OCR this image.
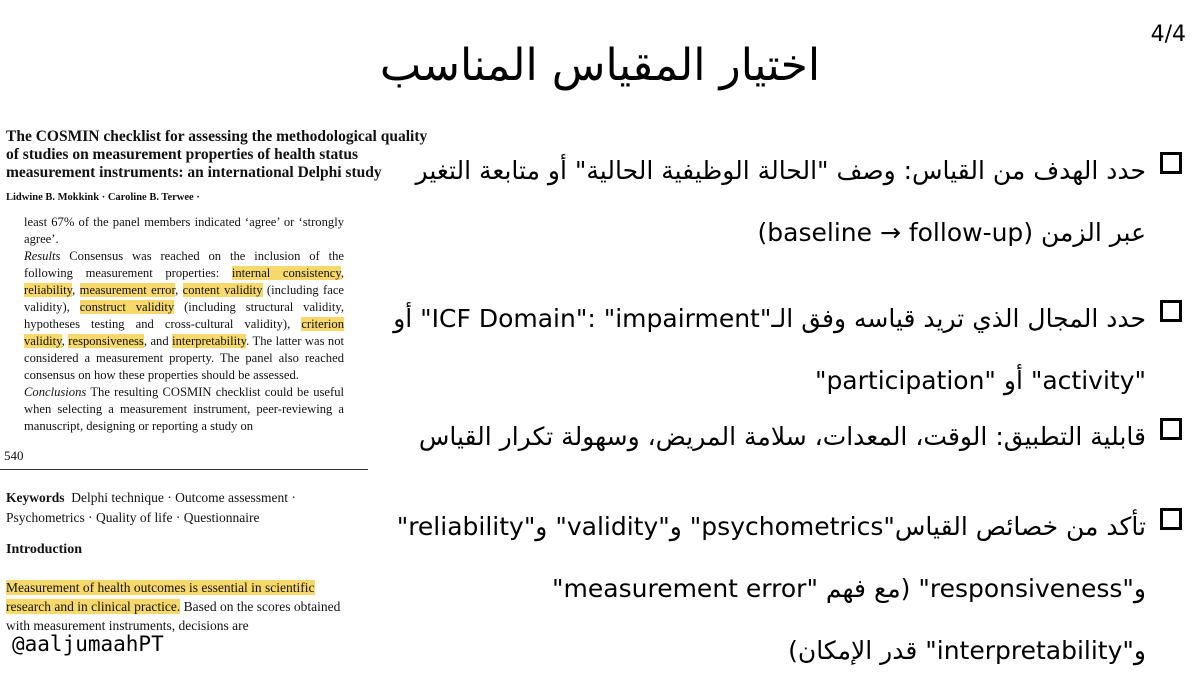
4/4
اختيار المقياس المناسب
The COSMIN checklist for assessing the methodological quality of studies on measurement properties of health status measurement instruments: an international Delphi study
Lidwine B. Mokkink · Caroline B. Terwee ·

least 67% of the panel members indicated ‘agree’ or ‘strongly agree’.

Results Consensus was reached on the inclusion of the following measurement properties: internal consistency, reliability, measurement error, content validity (including face validity), construct validity (including structural validity, hypotheses testing and cross-cultural validity), criterion validity, responsiveness, and interpretability. The latter was not considered a measurement property. The panel also reached consensus on how these properties should be assessed.

Conclusions The resulting COSMIN checklist could be useful when selecting a measurement instrument, peer-reviewing a manuscript, designing or reporting a study on

540
Keywords Delphi technique · Outcome assessment · Psychometrics · Quality of life · Questionnaire
Introduction
Measurement of health outcomes is essential in scientific research and in clinical practice. Based on the scores obtained with measurement instruments, decisions are
@aaljumaahPT
حدد الهدف من القياس: وصف "الحالة الوظيفية الحالية" أو متابعة التغير عبر الزمن (baseline → follow-up)
حدد المجال الذي تريد قياسه وفق الـ"ICF Domain": "impairment" أو "activity" أو "participation"
قابلية التطبيق: الوقت، المعدات، سلامة المريض، وسهولة تكرار القياس
تأكد من خصائص القياس"psychometrics" و"validity" و"reliability" و"responsiveness" (مع فهم "measurement error" و"interpretability" قدر الإمكان)
